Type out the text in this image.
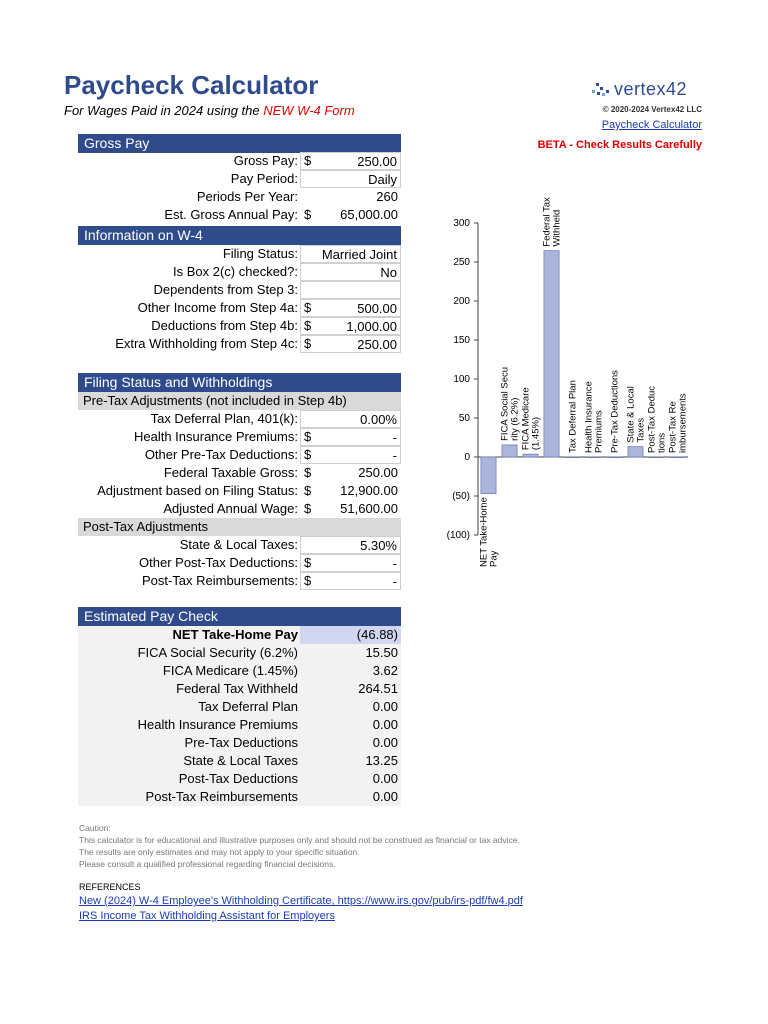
Paycheck Calculator
For Wages Paid in 2024 using the NEW W-4 Form
vertex42
© 2020-2024 Vertex42 LLC
Paycheck Calculator
BETA - Check Results Carefully
Gross Pay
Gross Pay:	250.00
$
Pay Period:	Daily
Periods Per Year:	260
Est. Gross Annual Pay:	65,000.00
$
Information on W-4
Filing Status:	Married Joint
Is Box 2(c) checked?:	No
Dependents from Step 3:
Other Income from Step 4a:	500.00
$
Deductions from Step 4b:	1,000.00
$
Extra Withholding from Step 4c:	250.00
$
Filing Status and Withholdings
Pre-Tax Adjustments (not included in Step 4b)
Tax Deferral Plan, 401(k):	0.00%
Health Insurance Premiums:	-
$
Other Pre-Tax Deductions:	-
$
Federal Taxable Gross:	250.00
$
Adjustment based on Filing Status:	12,900.00
$
Adjusted Annual Wage:	51,600.00
$
Post-Tax Adjustments
State & Local Taxes:	5.30%
Other Post-Tax Deductions:	-
$
Post-Tax Reimbursements:	-
$
Estimated Pay Check
NET Take-Home Pay	(46.88)
FICA Social Security (6.2%)	15.50
FICA Medicare (1.45%)	3.62
Federal Tax Withheld	264.51
Tax Deferral Plan	0.00
Health Insurance Premiums	0.00
Pre-Tax Deductions	0.00
State & Local Taxes	13.25
Post-Tax Deductions	0.00
Post-Tax Reimbursements	0.00
(100)
(50)
0
50
100
150
200
250
300
NET Take-HomePay
FICA Social Security (6.2%) FICA Medicare(1.45%)
Federal TaxWithheld
Tax Deferral Plan Health InsurancePremiums Pre-Tax Deductions State & LocalTaxes Post-Tax Deductions Post-Tax Reimbursements
Caution:
This calculator is for educational and illustrative purposes only and should not be construed as financial or tax advice.
The results are only estimates and may not apply to your specific situation.
Please consult a qualified professional regarding financial decisions.
REFERENCES
New (2024) W-4 Employee's Withholding Certificate, https://www.irs.gov/pub/irs-pdf/fw4.pdf
IRS Income Tax Withholding Assistant for Employers
